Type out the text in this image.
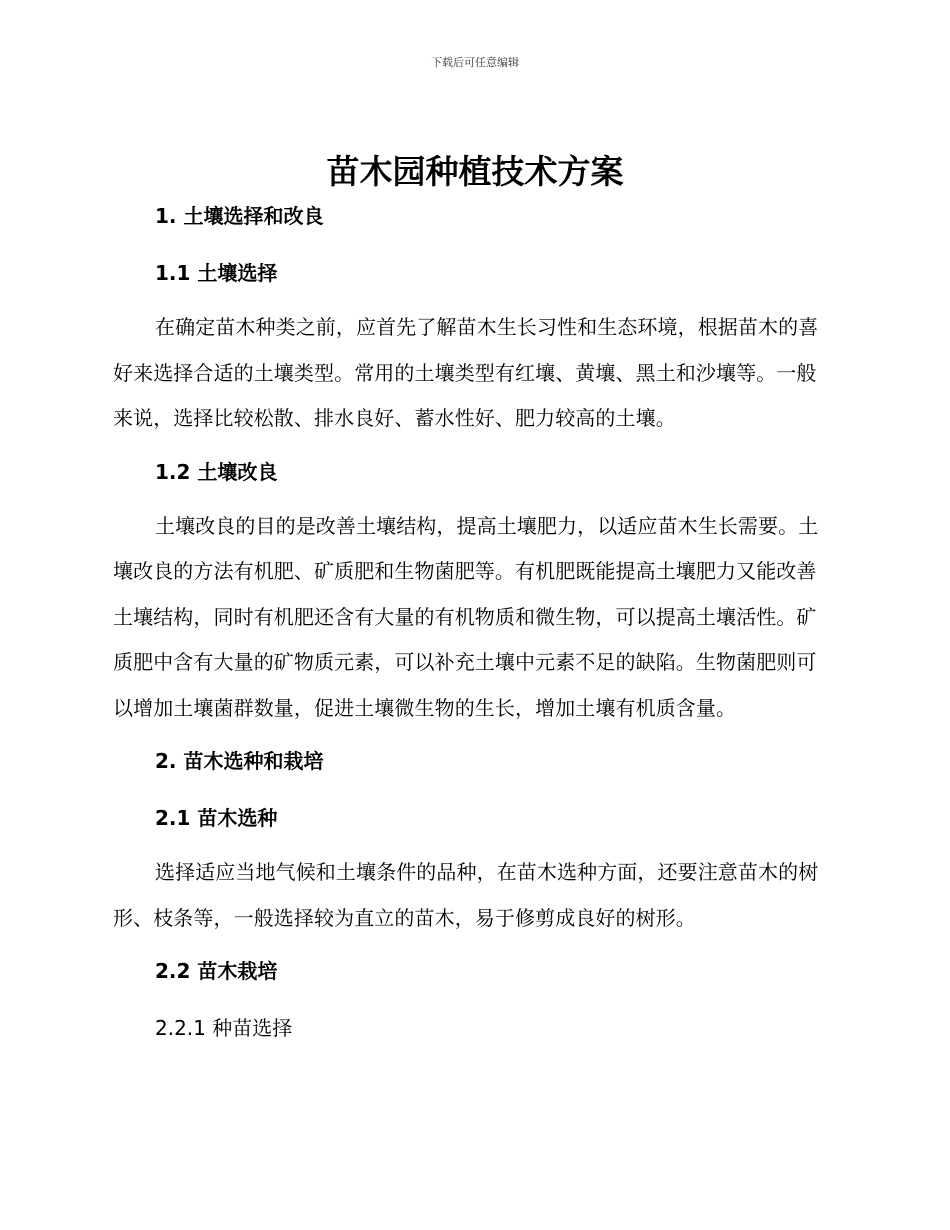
下载后可任意编辑
苗木园种植技术方案
1. 土壤选择和改良
1.1 土壤选择

在确定苗木种类之前，应首先了解苗木生长习性和生态环境，根据苗木的喜好来选择合适的土壤类型。常用的土壤类型有红壤、黄壤、黑土和沙壤等。一般来说，选择比较松散、排水良好、蓄水性好、肥力较高的土壤。

1.2 土壤改良

土壤改良的目的是改善土壤结构，提高土壤肥力，以适应苗木生长需要。土壤改良的方法有机肥、矿质肥和生物菌肥等。有机肥既能提高土壤肥力又能改善土壤结构，同时有机肥还含有大量的有机物质和微生物，可以提高土壤活性。矿质肥中含有大量的矿物质元素，可以补充土壤中元素不足的缺陷。生物菌肥则可以增加土壤菌群数量，促进土壤微生物的生长，增加土壤有机质含量。

2. 苗木选种和栽培
2.1 苗木选种

选择适应当地气候和土壤条件的品种，在苗木选种方面，还要注意苗木的树形、枝条等，一般选择较为直立的苗木，易于修剪成良好的树形。

2.2 苗木栽培
2.2.1 种苗选择
